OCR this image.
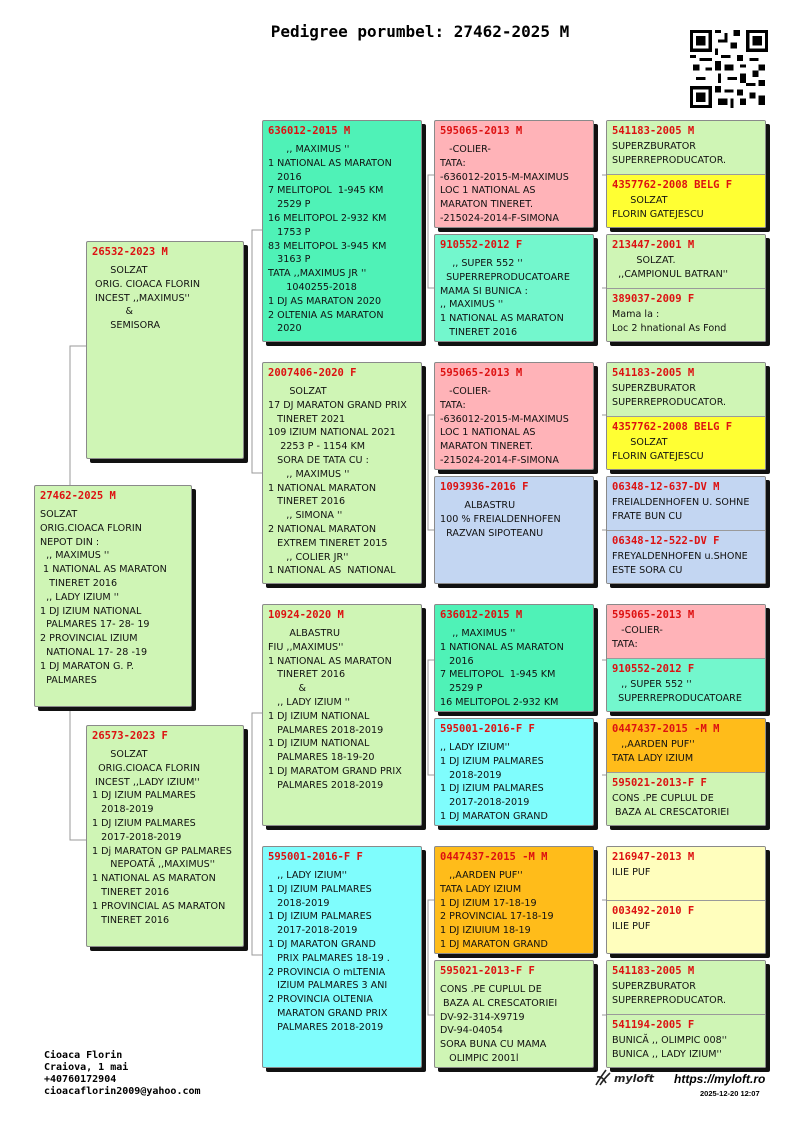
Pedigree porumbel: 27462-2025 M
27462-2025 M
SOLZAT
ORIG.CIOACA FLORIN
NEPOT DIN :
,, MAXIMUS ''
1 NATIONAL AS MARATON
TINERET 2016
,, LADY IZIUM ''
1 DJ IZIUM NATIONAL
PALMARES 17- 28- 19
2 PROVINCIAL IZIUM
NATIONAL 17- 28 -19
1 DJ MARATON G. P.
PALMARES
26532-2023 M
SOLZAT
ORIG. CIOACA FLORIN
INCEST ,,MAXIMUS''
&
SEMISORA
26573-2023 F
SOLZAT
ORIG.CIOACA FLORIN
INCEST ,,LADY IZIUM''
1 DJ IZIUM PALMARES
2018-2019
1 DJ IZIUM PALMARES
2017-2018-2019
1 Dj MARATON GP PALMARES
NEPOATĂ ,,MAXIMUS''
1 NATIONAL AS MARATON
TINERET 2016
1 PROVINCIAL AS MARATON
TINERET 2016
636012-2015 M
,, MAXIMUS ''
1 NATIONAL AS MARATON
2016
7 MELITOPOL  1-945 KM
2529 P
16 MELITOPOL 2-932 KM
1753 P
83 MELITOPOL 3-945 KM
3163 P
TATA ,,MAXIMUS JR ''
1040255-2018
1 DJ AS MARATON 2020
2 OLTENIA AS MARATON
2020
2007406-2020 F
SOLZAT
17 DJ MARATON GRAND PRIX
TINERET 2021
109 IZIUM NATIONAL 2021
2253 P - 1154 KM
SORA DE TATA CU :
,, MAXIMUS ''
1 NATIONAL MARATON
TINERET 2016
,, SIMONA ''
2 NATIONAL MARATON
EXTREM TINERET 2015
,, COLIER JR''
1 NATIONAL AS  NATIONAL
10924-2020 M
ALBASTRU
FIU ,,MAXIMUS''
1 NATIONAL AS MARATON
TINERET 2016
&
,, LADY IZIUM ''
1 DJ IZIUM NATIONAL
PALMARES 2018-2019
1 DJ IZIUM NATIONAL
PALMARES 18-19-20
1 DJ MARATOM GRAND PRIX
PALMARES 2018-2019
595001-2016-F F
,, LADY IZIUM''
1 DJ IZIUM PALMARES
2018-2019
1 DJ IZIUM PALMARES
2017-2018-2019
1 DJ MARATON GRAND
PRIX PALMARES 18-19 .
2 PROVINCIA O mLTENIA
IZIUM PALMARES 3 ANI
2 PROVINCIA OLTENIA
MARATON GRAND PRIX
PALMARES 2018-2019
595065-2013 M
-COLIER-
TATA:
-636012-2015-M-MAXIMUS
LOC 1 NATIONAL AS
MARATON TINERET.
-215024-2014-F-SIMONA
910552-2012 F
,, SUPER 552 ''
SUPERREPRODUCATOARE
MAMA SI BUNICA :
,, MAXIMUS ''
1 NATIONAL AS MARATON
TINERET 2016
595065-2013 M
-COLIER-
TATA:
-636012-2015-M-MAXIMUS
LOC 1 NATIONAL AS
MARATON TINERET.
-215024-2014-F-SIMONA
1093936-2016 F
ALBASTRU
100 % FREIALDENHOFEN
RAZVAN SIPOTEANU
636012-2015 M
,, MAXIMUS ''
1 NATIONAL AS MARATON
2016
7 MELITOPOL  1-945 KM
2529 P
16 MELITOPOL 2-932 KM
595001-2016-F F
,, LADY IZIUM''
1 DJ IZIUM PALMARES
2018-2019
1 DJ IZIUM PALMARES
2017-2018-2019
1 DJ MARATON GRAND
0447437-2015 -M M
,,AARDEN PUF''
TATA LADY IZIUM
1 DJ IZIUM 17-18-19
2 PROVINCIAL 17-18-19
1 DJ IZIUIUM 18-19
1 DJ MARATON GRAND
595021-2013-F F
CONS .PE CUPLUL DE
BAZA AL CRESCATORIEI
DV-92-314-X9719
DV-94-04054
SORA BUNA CU MAMA
OLIMPIC 2001l
541183-2005 M
SUPERZBURATOR
SUPERREPRODUCATOR.
4357762-2008 BELG F
SOLZAT
FLORIN GATEJESCU
213447-2001 M
SOLZAT.
,,CAMPIONUL BATRAN''
389037-2009 F
Mama la :
Loc 2 hnational As Fond
541183-2005 M
SUPERZBURATOR
SUPERREPRODUCATOR.
4357762-2008 BELG F
SOLZAT
FLORIN GATEJESCU
06348-12-637-DV M
FREIALDENHOFEN U. SOHNE
FRATE BUN CU
06348-12-522-DV F
FREYALDENHOFEN u.SHONE
ESTE SORA CU
595065-2013 M
-COLIER-
TATA:
910552-2012 F
,, SUPER 552 ''
SUPERREPRODUCATOARE
0447437-2015 -M M
,,AARDEN PUF''
TATA LADY IZIUM
595021-2013-F F
CONS .PE CUPLUL DE
BAZA AL CRESCATORIEI
216947-2013 M
ILIE PUF
003492-2010 F
ILIE PUF
541183-2005 M
SUPERZBURATOR
SUPERREPRODUCATOR.
541194-2005 F
BUNICĂ ,, OLIMPIC 008''
BUNICA ,, LADY IZIUM''
Cioaca Florin
Craiova, 1 mai
+40760172904
cioacaflorin2009@yahoo.com
myloft https://myloft.ro
2025-12-20 12:07
